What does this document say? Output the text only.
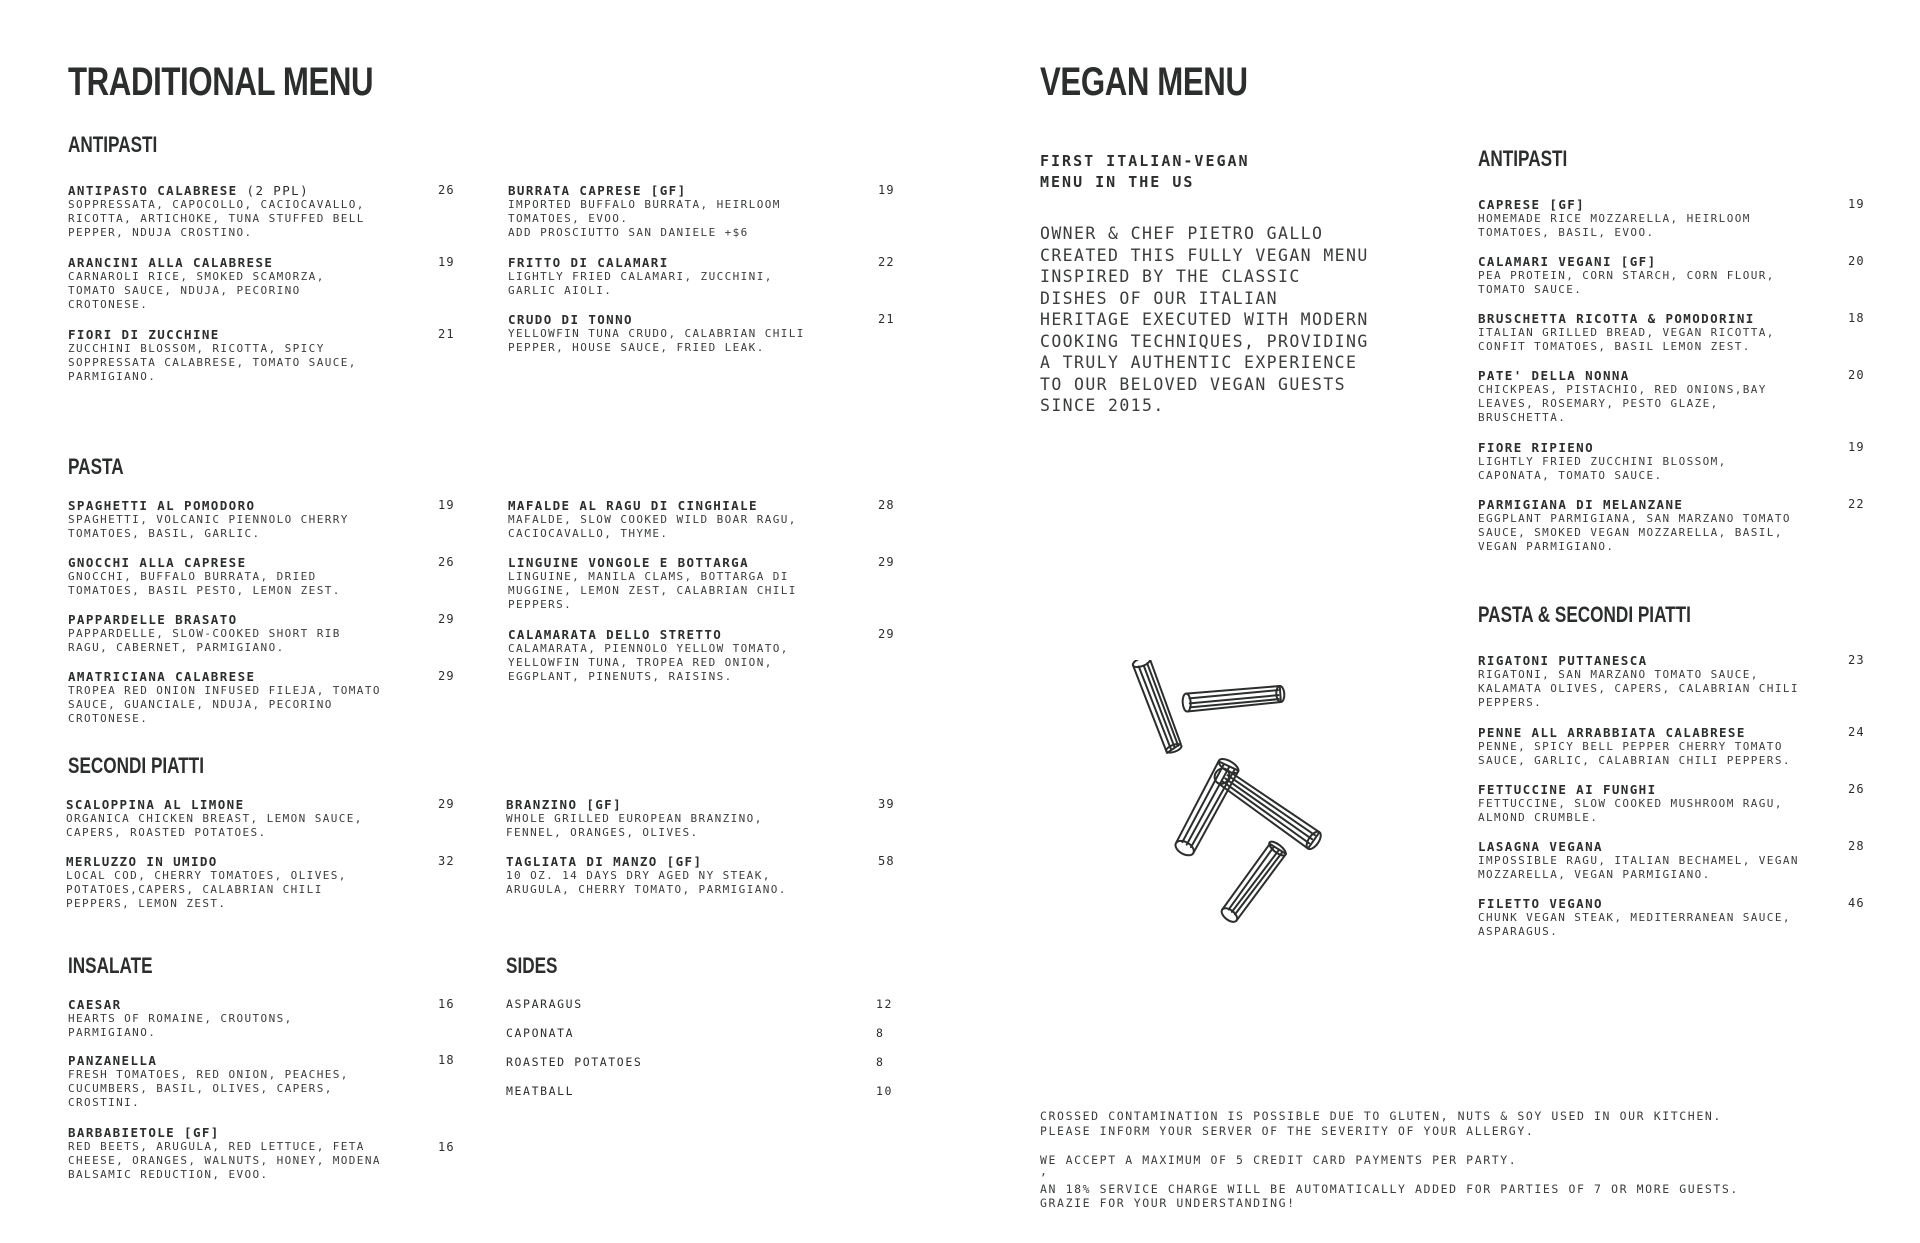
TRADITIONAL MENU
ANTIPASTI
ANTIPASTO CALABRESE (2 PPL)
SOPPRESSATA, CAPOCOLLO, CACIOCAVALLO, RICOTTA, ARTICHOKE, TUNA STUFFED BELL PEPPER, NDUJA CROSTINO.
26
ARANCINI ALLA CALABRESE
CARNAROLI RICE, SMOKED SCAMORZA, TOMATO SAUCE, NDUJA, PECORINO CROTONESE.
19
FIORI DI ZUCCHINE
ZUCCHINI BLOSSOM, RICOTTA, SPICY SOPPRESSATA CALABRESE, TOMATO SAUCE, PARMIGIANO.
21
BURRATA CAPRESE [GF]
IMPORTED BUFFALO BURRATA, HEIRLOOM TOMATOES, EVOO.
ADD PROSCIUTTO SAN DANIELE +$6
19
FRITTO DI CALAMARI
LIGHTLY FRIED CALAMARI, ZUCCHINI, GARLIC AIOLI.
22
CRUDO DI TONNO
YELLOWFIN TUNA CRUDO, CALABRIAN CHILI PEPPER, HOUSE SAUCE, FRIED LEAK.
21
PASTA
SPAGHETTI AL POMODORO
SPAGHETTI, VOLCANIC PIENNOLO CHERRY TOMATOES, BASIL, GARLIC.
19
GNOCCHI ALLA CAPRESE
GNOCCHI, BUFFALO BURRATA, DRIED TOMATOES, BASIL PESTO, LEMON ZEST.
26
PAPPARDELLE BRASATO
PAPPARDELLE, SLOW-COOKED SHORT RIB RAGU, CABERNET, PARMIGIANO.
29
AMATRICIANA CALABRESE
TROPEA RED ONION INFUSED FILEJA, TOMATO SAUCE, GUANCIALE, NDUJA, PECORINO CROTONESE.
29
MAFALDE AL RAGU DI CINGHIALE
MAFALDE, SLOW COOKED WILD BOAR RAGU, CACIOCAVALLO, THYME.
28
LINGUINE VONGOLE E BOTTARGA
LINGUINE, MANILA CLAMS, BOTTARGA DI MUGGINE, LEMON ZEST, CALABRIAN CHILI PEPPERS.
29
CALAMARATA DELLO STRETTO
CALAMARATA, PIENNOLO YELLOW TOMATO, YELLOWFIN TUNA, TROPEA RED ONION, EGGPLANT, PINENUTS, RAISINS.
29
SECONDI PIATTI
SCALOPPINA AL LIMONE
ORGANICA CHICKEN BREAST, LEMON SAUCE, CAPERS, ROASTED POTATOES.
29
MERLUZZO IN UMIDO
LOCAL COD, CHERRY TOMATOES, OLIVES, POTATOES,CAPERS, CALABRIAN CHILI PEPPERS, LEMON ZEST.
32
BRANZINO [GF]
WHOLE GRILLED EUROPEAN BRANZINO, FENNEL, ORANGES, OLIVES.
39
TAGLIATA DI MANZO [GF]
10 OZ. 14 DAYS DRY AGED NY STEAK, ARUGULA, CHERRY TOMATO, PARMIGIANO.
58
INSALATE
CAESAR
HEARTS OF ROMAINE, CROUTONS, PARMIGIANO.
16
PANZANELLA
FRESH TOMATOES, RED ONION, PEACHES, CUCUMBERS, BASIL, OLIVES, CAPERS, CROSTINI.
18
BARBABIETOLE [GF]
RED BEETS, ARUGULA, RED LETTUCE, FETA CHEESE, ORANGES, WALNUTS, HONEY, MODENA BALSAMIC REDUCTION, EVOO.
16
SIDES
ASPARAGUS	12
CAPONATA	8
ROASTED POTATOES	8
MEATBALL	10
VEGAN MENU
FIRST ITALIAN-VEGAN MENU IN THE US
OWNER & CHEF PIETRO GALLO CREATED THIS FULLY VEGAN MENU INSPIRED BY THE CLASSIC DISHES OF OUR ITALIAN HERITAGE EXECUTED WITH MODERN COOKING TECHNIQUES, PROVIDING A TRULY AUTHENTIC EXPERIENCE TO OUR BELOVED VEGAN GUESTS SINCE 2015.
ANTIPASTI
CAPRESE [GF]
HOMEMADE RICE MOZZARELLA, HEIRLOOM TOMATOES, BASIL, EVOO.
19
CALAMARI VEGANI [GF]
PEA PROTEIN, CORN STARCH, CORN FLOUR, TOMATO SAUCE.
20
BRUSCHETTA RICOTTA & POMODORINI
ITALIAN GRILLED BREAD, VEGAN RICOTTA, CONFIT TOMATOES, BASIL LEMON ZEST.
18
PATE' DELLA NONNA
CHICKPEAS, PISTACHIO, RED ONIONS,BAY LEAVES, ROSEMARY, PESTO GLAZE, BRUSCHETTA.
20
FIORE RIPIENO
LIGHTLY FRIED ZUCCHINI BLOSSOM, CAPONATA, TOMATO SAUCE.
19
PARMIGIANA DI MELANZANE
EGGPLANT PARMIGIANA, SAN MARZANO TOMATO SAUCE, SMOKED VEGAN MOZZARELLA, BASIL, VEGAN PARMIGIANO.
22
PASTA & SECONDI PIATTI
RIGATONI PUTTANESCA
RIGATONI, SAN MARZANO TOMATO SAUCE, KALAMATA OLIVES, CAPERS, CALABRIAN CHILI PEPPERS.
23
PENNE ALL ARRABBIATA CALABRESE
PENNE, SPICY BELL PEPPER CHERRY TOMATO SAUCE, GARLIC, CALABRIAN CHILI PEPPERS.
24
FETTUCCINE AI FUNGHI
FETTUCCINE, SLOW COOKED MUSHROOM RAGU, ALMOND CRUMBLE.
26
LASAGNA VEGANA
IMPOSSIBLE RAGU, ITALIAN BECHAMEL, VEGAN MOZZARELLA, VEGAN PARMIGIANO.
28
FILETTO VEGANO
CHUNK VEGAN STEAK, MEDITERRANEAN SAUCE, ASPARAGUS.
46
CROSSED CONTAMINATION IS POSSIBLE DUE TO GLUTEN, NUTS & SOY USED IN OUR KITCHEN.
PLEASE INFORM YOUR SERVER OF THE SEVERITY OF YOUR ALLERGY.
WE ACCEPT A MAXIMUM OF 5 CREDIT CARD PAYMENTS PER PARTY.
,
AN 18% SERVICE CHARGE WILL BE AUTOMATICALLY ADDED FOR PARTIES OF 7 OR MORE GUESTS.
GRAZIE FOR YOUR UNDERSTANDING!
